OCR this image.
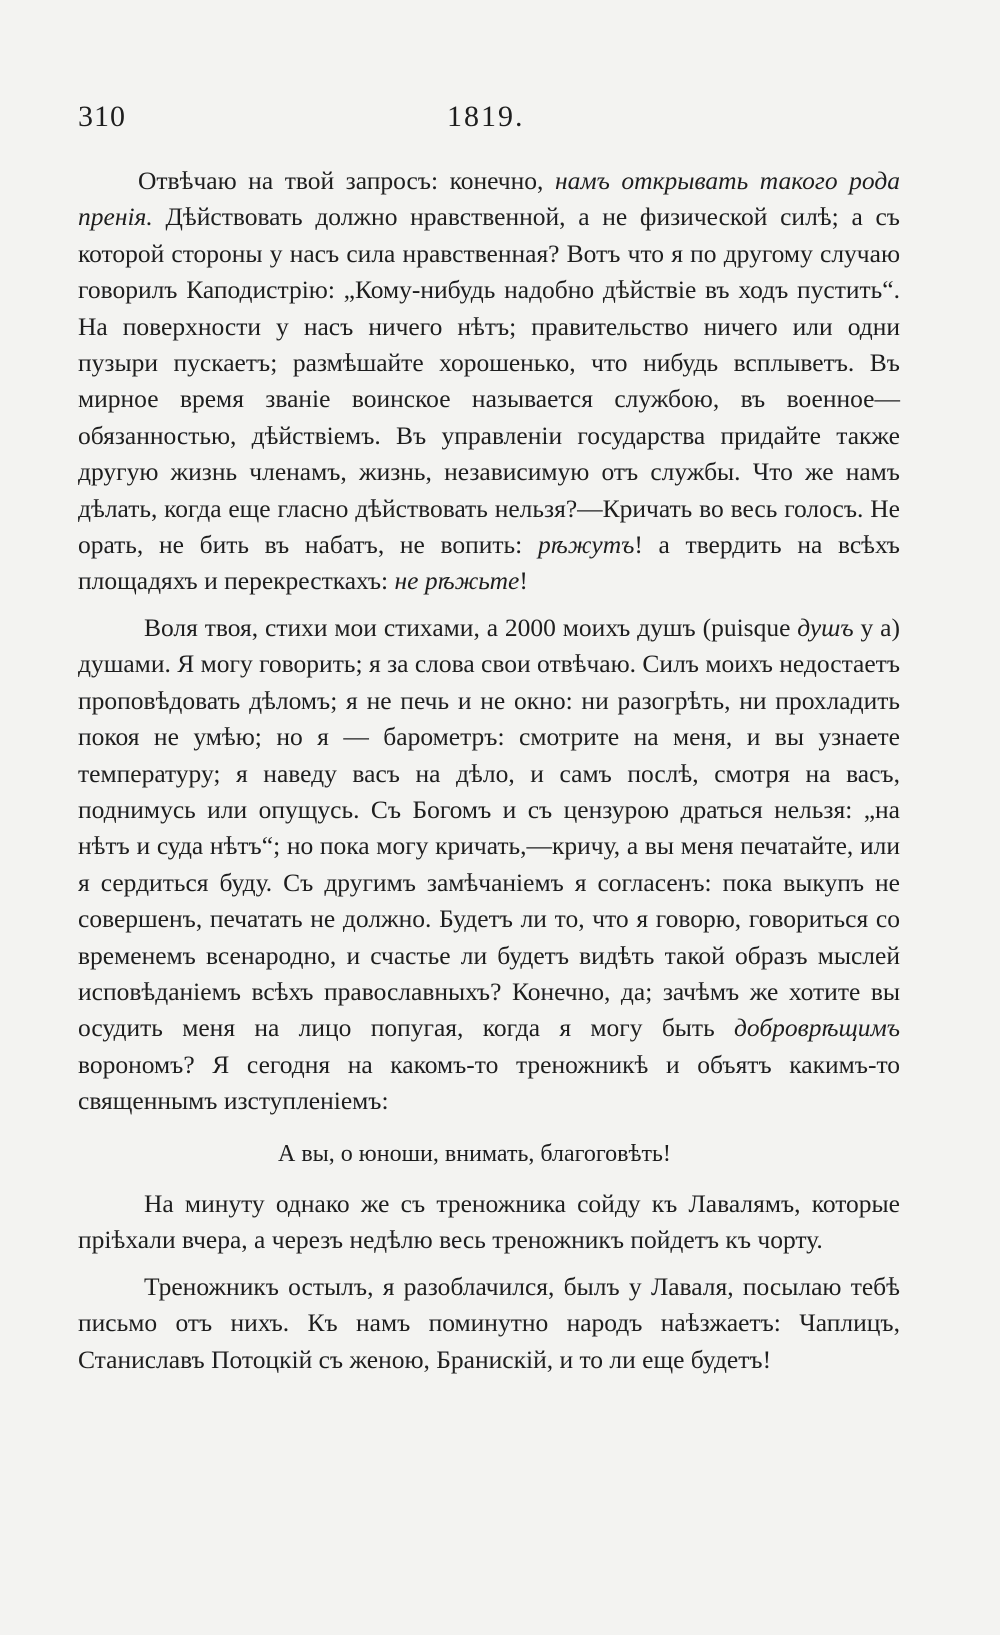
310	1819.

Отвѣчаю на твой запросъ: конечно, намъ открывать такого рода пренія. Дѣйствовать должно нравственной, а не физической силѣ; а съ которой стороны у насъ сила нравственная? Вотъ что я по другому случаю говорилъ Каподистрію: „Кому-нибудь надобно дѣйствіе въ ходъ пустить“. На поверхности у насъ ничего нѣтъ; правительство ничего или одни пузыри пускаетъ; размѣшайте хорошенько, что нибудь всплыветъ. Въ мирное время званіе воинское называется службою, въ военное—обязанностью, дѣйствіемъ. Въ управленіи государства придайте также другую жизнь членамъ, жизнь, независимую отъ службы. Что же намъ дѣлать, когда еще гласно дѣйствовать нельзя?—Кричать во весь голосъ. Не орать, не бить въ набатъ, не вопить: рѣжутъ! а твердить на всѣхъ площадяхъ и перекресткахъ: не рѣжьте!

Воля твоя, стихи мои стихами, а 2000 моихъ душъ (puisque душъ у а) душами. Я могу говорить; я за слова свои отвѣчаю. Силъ моихъ недостаетъ проповѣдовать дѣломъ; я не печь и не окно: ни разогрѣть, ни прохладить покоя не умѣю; но я — барометръ: смотрите на меня, и вы узнаете температуру; я наведу васъ на дѣло, и самъ послѣ, смотря на васъ, поднимусь или опущусь. Съ Богомъ и съ цензурою драться нельзя: „на нѣтъ и суда нѣтъ“; но пока могу кричать,—кричу, а вы меня печатайте, или я сердиться буду. Съ другимъ замѣчаніемъ я согласенъ: пока выкупъ не совершенъ, печатать не должно. Будетъ ли то, что я говорю, говориться со временемъ всенародно, и счастье ли будетъ видѣть такой образъ мыслей исповѣданіемъ всѣхъ православныхъ? Конечно, да; зачѣмъ же хотите вы осудить меня на лицо попугая, когда я могу быть доброврѣщимъ ворономъ? Я сегодня на какомъ-то треножникѣ и объятъ какимъ-то священнымъ изступленіемъ:

А вы, о юноши, внимать, благоговѣть!

На минуту однако же съ треножника сойду къ Лавалямъ, которые пріѣхали вчера, а черезъ недѣлю весь треножникъ пойдетъ къ чорту.

Треножникъ остылъ, я разоблачился, былъ у Лаваля, посылаю тебѣ письмо отъ нихъ. Къ намъ поминутно народъ наѣзжаетъ: Чаплицъ, Станиславъ Потоцкій съ женою, Бранискій, и то ли еще будетъ!
